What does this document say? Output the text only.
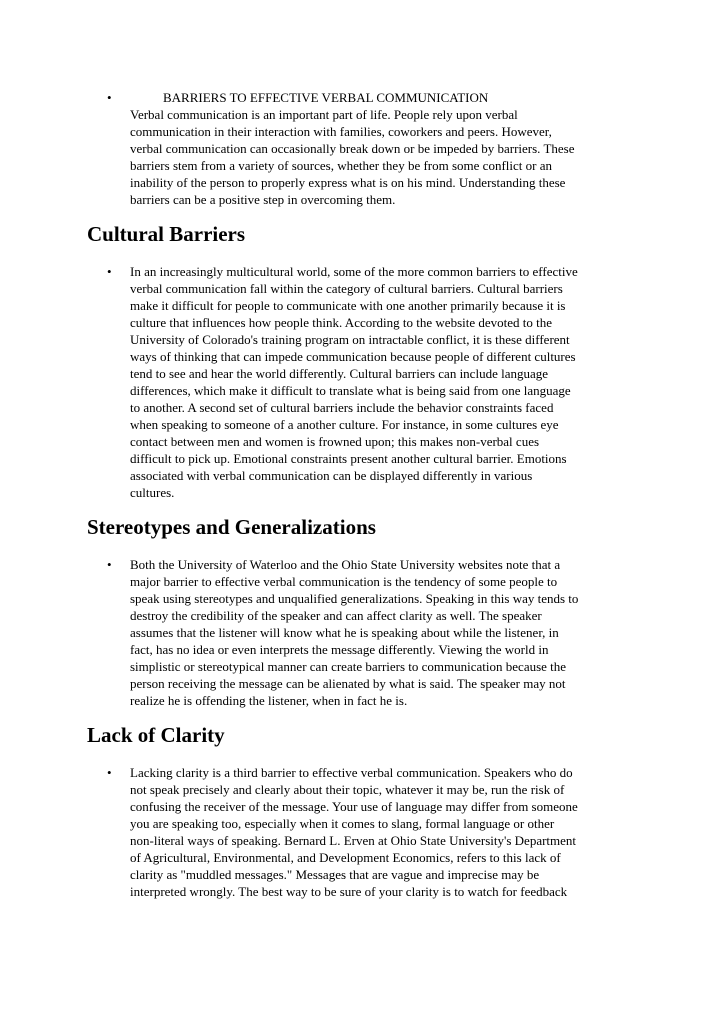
•	BARRIERS TO EFFECTIVE VERBAL COMMUNICATION
Verbal communication is an important part of life. People rely upon verbal
communication in their interaction with families, coworkers and peers. However,
verbal communication can occasionally break down or be impeded by barriers. These
barriers stem from a variety of sources, whether they be from some conflict or an
inability of the person to properly express what is on his mind. Understanding these
barriers can be a positive step in overcoming them.
Cultural Barriers
• In an increasingly multicultural world, some of the more common barriers to effective
verbal communication fall within the category of cultural barriers. Cultural barriers
make it difficult for people to communicate with one another primarily because it is
culture that influences how people think. According to the website devoted to the
University of Colorado's training program on intractable conflict, it is these different
ways of thinking that can impede communication because people of different cultures
tend to see and hear the world differently. Cultural barriers can include language
differences, which make it difficult to translate what is being said from one language
to another. A second set of cultural barriers include the behavior constraints faced
when speaking to someone of a another culture. For instance, in some cultures eye
contact between men and women is frowned upon; this makes non-verbal cues
difficult to pick up. Emotional constraints present another cultural barrier. Emotions
associated with verbal communication can be displayed differently in various
cultures.
Stereotypes and Generalizations
• Both the University of Waterloo and the Ohio State University websites note that a
major barrier to effective verbal communication is the tendency of some people to
speak using stereotypes and unqualified generalizations. Speaking in this way tends to
destroy the credibility of the speaker and can affect clarity as well. The speaker
assumes that the listener will know what he is speaking about while the listener, in
fact, has no idea or even interprets the message differently. Viewing the world in
simplistic or stereotypical manner can create barriers to communication because the
person receiving the message can be alienated by what is said. The speaker may not
realize he is offending the listener, when in fact he is.
Lack of Clarity
• Lacking clarity is a third barrier to effective verbal communication. Speakers who do
not speak precisely and clearly about their topic, whatever it may be, run the risk of
confusing the receiver of the message. Your use of language may differ from someone
you are speaking too, especially when it comes to slang, formal language or other
non-literal ways of speaking. Bernard L. Erven at Ohio State University's Department
of Agricultural, Environmental, and Development Economics, refers to this lack of
clarity as "muddled messages." Messages that are vague and imprecise may be
interpreted wrongly. The best way to be sure of your clarity is to watch for feedback
